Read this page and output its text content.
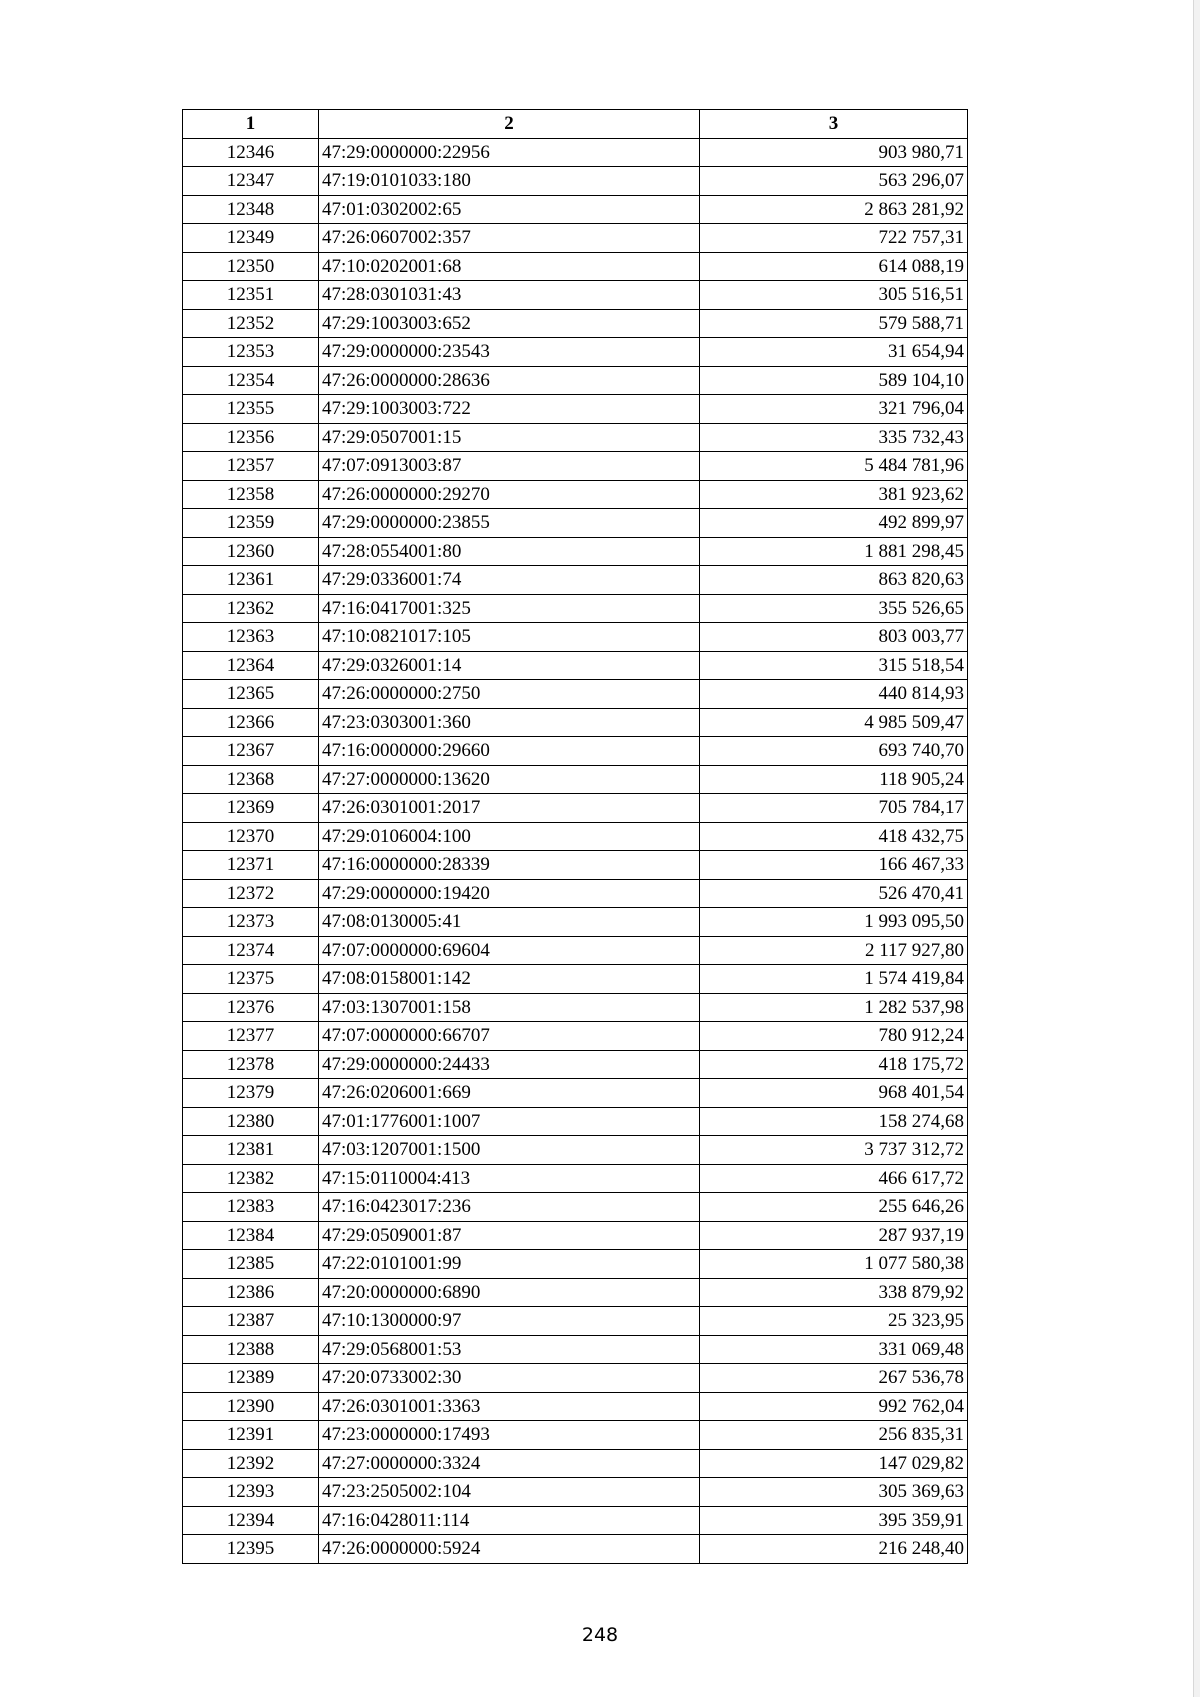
1	2	3
12346	47:29:0000000:22956	903 980,71
12347	47:19:0101033:180	563 296,07
12348	47:01:0302002:65	2 863 281,92
12349	47:26:0607002:357	722 757,31
12350	47:10:0202001:68	614 088,19
12351	47:28:0301031:43	305 516,51
12352	47:29:1003003:652	579 588,71
12353	47:29:0000000:23543	31 654,94
12354	47:26:0000000:28636	589 104,10
12355	47:29:1003003:722	321 796,04
12356	47:29:0507001:15	335 732,43
12357	47:07:0913003:87	5 484 781,96
12358	47:26:0000000:29270	381 923,62
12359	47:29:0000000:23855	492 899,97
12360	47:28:0554001:80	1 881 298,45
12361	47:29:0336001:74	863 820,63
12362	47:16:0417001:325	355 526,65
12363	47:10:0821017:105	803 003,77
12364	47:29:0326001:14	315 518,54
12365	47:26:0000000:2750	440 814,93
12366	47:23:0303001:360	4 985 509,47
12367	47:16:0000000:29660	693 740,70
12368	47:27:0000000:13620	118 905,24
12369	47:26:0301001:2017	705 784,17
12370	47:29:0106004:100	418 432,75
12371	47:16:0000000:28339	166 467,33
12372	47:29:0000000:19420	526 470,41
12373	47:08:0130005:41	1 993 095,50
12374	47:07:0000000:69604	2 117 927,80
12375	47:08:0158001:142	1 574 419,84
12376	47:03:1307001:158	1 282 537,98
12377	47:07:0000000:66707	780 912,24
12378	47:29:0000000:24433	418 175,72
12379	47:26:0206001:669	968 401,54
12380	47:01:1776001:1007	158 274,68
12381	47:03:1207001:1500	3 737 312,72
12382	47:15:0110004:413	466 617,72
12383	47:16:0423017:236	255 646,26
12384	47:29:0509001:87	287 937,19
12385	47:22:0101001:99	1 077 580,38
12386	47:20:0000000:6890	338 879,92
12387	47:10:1300000:97	25 323,95
12388	47:29:0568001:53	331 069,48
12389	47:20:0733002:30	267 536,78
12390	47:26:0301001:3363	992 762,04
12391	47:23:0000000:17493	256 835,31
12392	47:27:0000000:3324	147 029,82
12393	47:23:2505002:104	305 369,63
12394	47:16:0428011:114	395 359,91
12395	47:26:0000000:5924	216 248,40
248
